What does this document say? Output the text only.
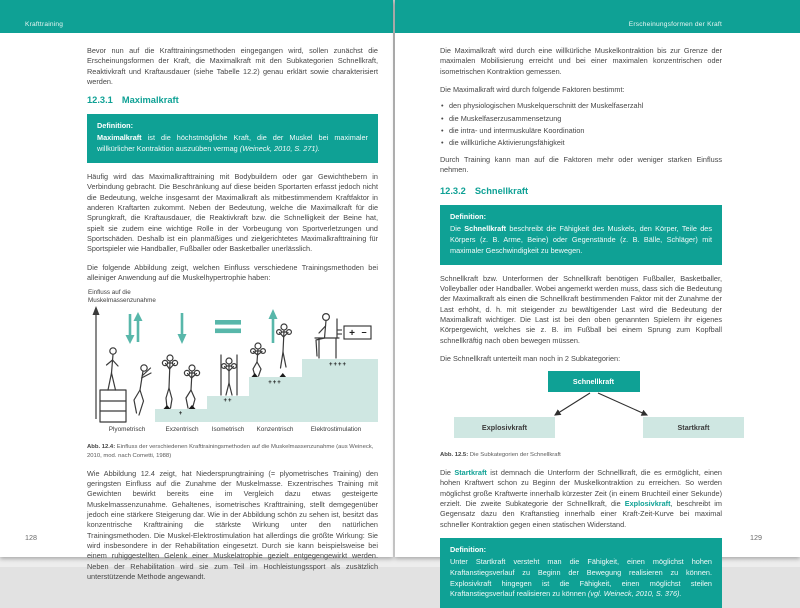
Krafttraining

Bevor nun auf die Krafttrainingsmethoden eingegangen wird, sollen zunächst die Erscheinungsformen der Kraft, die Maximalkraft mit den Subkategorien Schnellkraft, Reaktivkraft und Kraftausdauer (siehe Tabelle 12.2) genau erklärt sowie charakterisiert werden.

12.3.1 Maximalkraft
Definition:
Maximalkraft ist die höchstmögliche Kraft, die der Muskel bei maximaler willkürlicher Kontraktion auszuüben vermag (Weineck, 2010, S. 271).

Häufig wird das Maximalkrafttraining mit Bodybuildern oder gar Gewichthebern in Verbindung gebracht. Die Beschränkung auf diese beiden Sportarten erfasst jedoch nicht die Bedeutung, welche insgesamt der Maximalkraft als mitbestimmendem Kraftfaktor in anderen Kraftarten zukommt. Neben der Bedeutung, welche die Maximalkraft für die Sprungkraft, die Kraftausdauer, die Reaktivkraft bzw. die Schnelligkeit der Beine hat, spielt sie zudem eine wichtige Rolle in der Vorbeugung von Sportverletzungen und Sportschäden. Deshalb ist ein planmäßiges und zielgerichtetes Maximalkrafttraining für Sportspieler wie Handballer, Fußballer oder Basketballer unerlässlich.

Die folgende Abbildung zeigt, welchen Einfluss verschiedene Trainingsmethoden bei alleiniger Anwendung auf die Muskelhypertrophie haben:

+ −
Einfluss auf die
Muskelmassenzunahme
+
++
+++
++++
Plyometrisch	Exzentrisch Isometrisch Konzentrisch	Elektrostimulation

Abb. 12.4: Einfluss der verschiedenen Krafttrainingsmethoden auf die Muskelmassenzunahme (aus Weineck, 2010, mod. nach Cometti, 1988)

Wie Abbildung 12.4 zeigt, hat Niedersprungtraining (= plyometrisches Training) den geringsten Einfluss auf die Zunahme der Muskelmasse. Exzentrisches Training mit Gewichten bewirkt bereits eine im Vergleich dazu etwas gesteigerte Muskelmassenzunahme. Gehaltenes, isometrisches Krafttraining, stellt demgegenüber jedoch eine stärkere Steigerung dar. Wie in der Abbildung schön zu sehen ist, besitzt das konzentrische Krafttraining die stärkste Wirkung unter den natürlichen Trainingsmethoden. Die Muskel-Elektrostimulation hat allerdings die größte Wirkung: Sie wird insbesondere in der Rehabilitation eingesetzt. Durch sie kann beispielsweise bei einem ruhiggestellten Gelenk einer Muskelatrophie gezielt entgegengewirkt werden. Neben der Rehabilitation wird sie zum Teil im Hochleistungssport als zusätzlich unterstützende Methode angewandt.

128
Erscheinungsformen der Kraft

Die Maximalkraft wird durch eine willkürliche Muskelkontraktion bis zur Grenze der maximalen Mobilisierung erreicht und bei einer maximalen konzentrischen oder isometrischen Kontraktion gemessen.

Die Maximalkraft wird durch folgende Faktoren bestimmt:

• den physiologischen Muskelquerschnitt der Muskelfaserzahl
• die Muskelfaserzusammensetzung
• die intra- und intermuskuläre Koordination
• die willkürliche Aktivierungsfähigkeit

Durch Training kann man auf die Faktoren mehr oder weniger starken Einfluss nehmen.

12.3.2 Schnellkraft
Definition:
Die Schnellkraft beschreibt die Fähigkeit des Muskels, den Körper, Teile des Körpers (z. B. Arme, Beine) oder Gegenstände (z. B. Bälle, Schläger) mit maximaler Geschwindigkeit zu bewegen.

Schnellkraft bzw. Unterformen der Schnellkraft benötigen Fußballer, Basketballer, Volleyballer oder Handballer. Wobei angemerkt werden muss, dass sich die Bedeutung der Maximalkraft als einen die Schnellkraft bestimmenden Faktor mit der Zunahme der Last erhöht, d. h. mit steigender zu bewältigender Last wird die Bedeutung der Maximalkraft wichtiger. Die Last ist bei den oben genannten Spielern ihr eigenes Körpergewicht, welches sie z. B. im Fußball bei einem Sprung zum Kopfball schnellkräftig nach oben bewegen müssen.

Die Schnellkraft unterteilt man noch in 2 Subkategorien:

Schnellkraft
Explosivkraft	Startkraft

Abb. 12.5: Die Subkategorien der Schnellkraft

Die Startkraft ist demnach die Unterform der Schnellkraft, die es ermöglicht, einen hohen Kraftwert schon zu Beginn der Muskelkontraktion zu erreichen. So werden möglichst große Kraftwerte innerhalb kürzester Zeit (in einem Bruchteil einer Sekunde) erzielt. Die zweite Subkategorie der Schnellkraft, die Explosivkraft, beschreibt im Gegensatz dazu den Kraftanstieg innerhalb einer Kraft-Zeit-Kurve bei maximal schneller Kontraktion gegen einen statischen Widerstand.

Definition:
Unter Startkraft versteht man die Fähigkeit, einen möglichst hohen Kraftanstiegsverlauf zu Beginn der Bewegung realisieren zu können. Explosivkraft hingegen ist die Fähigkeit, einen möglichst steilen Kraftanstiegsverlauf realisieren zu können (vgl. Weineck, 2010, S. 376).
129
